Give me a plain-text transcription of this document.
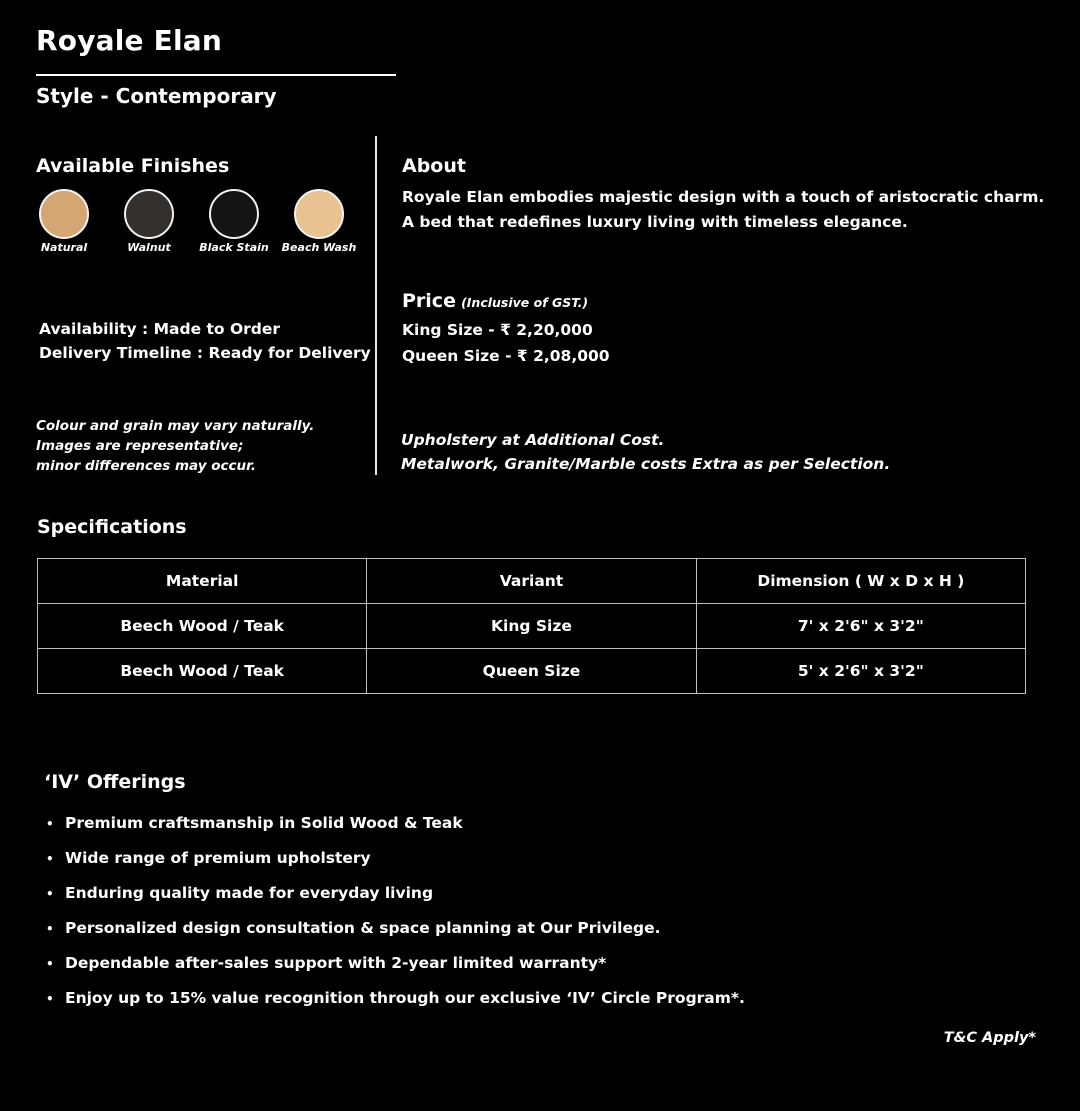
Royale Elan
Style - Contemporary
Available Finishes
Natural	Walnut	Black Stain	Beach Wash
Availability : Made to Order
Delivery Timeline : Ready for Delivery
Colour and grain may vary naturally.
Images are representative;
minor differences may occur.
About
Royale Elan embodies majestic design with a touch of aristocratic charm.
A bed that redefines luxury living with timeless elegance.
Price (Inclusive of GST.)
King Size - ₹ 2,20,000
Queen Size - ₹ 2,08,000
Upholstery at Additional Cost.
Metalwork, Granite/Marble costs Extra as per Selection.
Specifications
Material	Variant	Dimension ( W x D x H )
Beech Wood / Teak	King Size	7' x 2'6" x 3'2"
Beech Wood / Teak	Queen Size	5' x 2'6" x 3'2"
‘IV’ Offerings
• Premium craftsmanship in Solid Wood & Teak
• Wide range of premium upholstery
• Enduring quality made for everyday living
• Personalized design consultation & space planning at Our Privilege.
• Dependable after-sales support with 2-year limited warranty*
• Enjoy up to 15% value recognition through our exclusive ‘IV’ Circle Program*.
T&C Apply*
